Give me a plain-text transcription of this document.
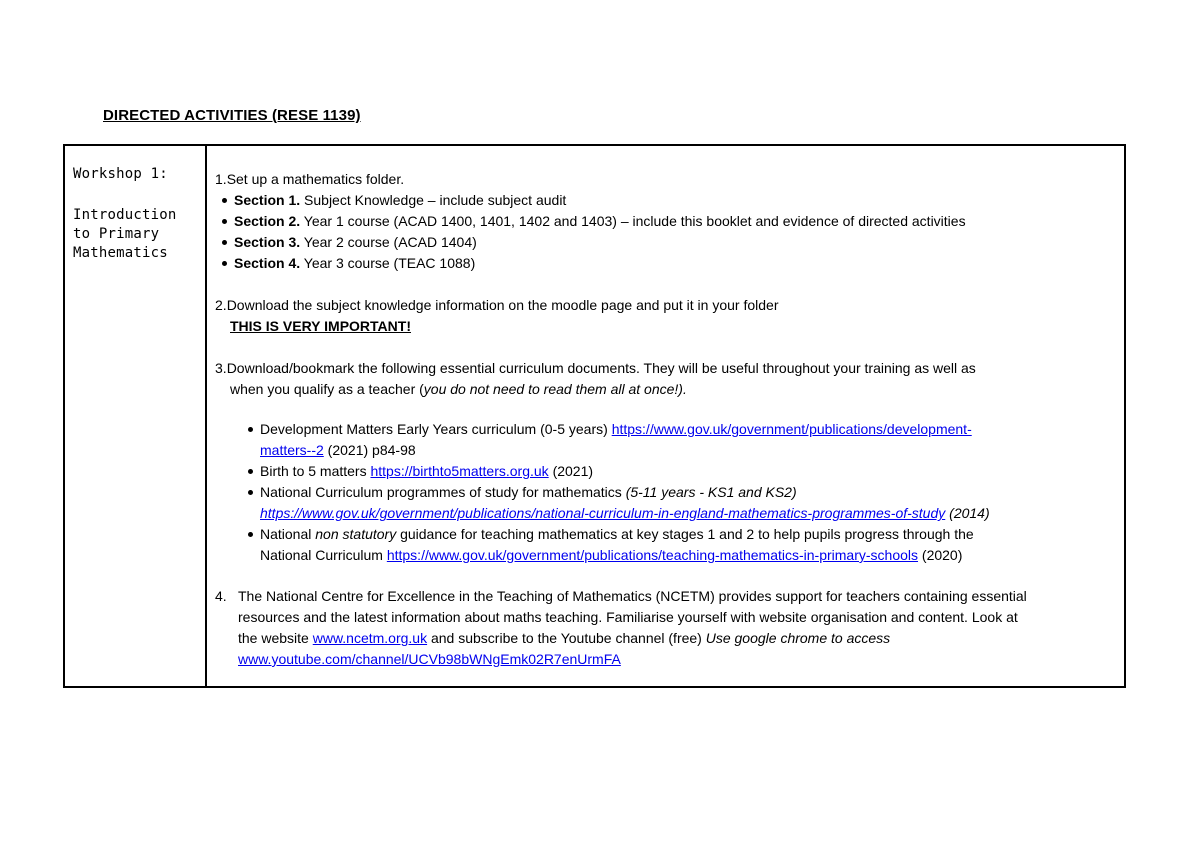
DIRECTED ACTIVITIES (RESE 1139)
Workshop 1:
Introduction
to Primary
Mathematics
1.Set up a mathematics folder.
Section 1. Subject Knowledge – include subject audit
Section 2. Year 1 course (ACAD 1400, 1401, 1402 and 1403) – include this booklet and evidence of directed activities
Section 3. Year 2 course (ACAD 1404)
Section 4. Year 3 course (TEAC 1088)
2.Download the subject knowledge information on the moodle page and put it in your folder
THIS IS VERY IMPORTANT!
3.Download/bookmark the following essential curriculum documents. They will be useful throughout your training as well as
when you qualify as a teacher (you do not need to read them all at once!).
Development Matters Early Years curriculum (0-5 years) https://www.gov.uk/government/publications/development-
matters--2 (2021) p84-98
Birth to 5 matters https://birthto5matters.org.uk (2021)
National Curriculum programmes of study for mathematics (5-11 years - KS1 and KS2)
https://www.gov.uk/government/publications/national-curriculum-in-england-mathematics-programmes-of-study (2014)
National non statutory guidance for teaching mathematics at key stages 1 and 2 to help pupils progress through the
National Curriculum https://www.gov.uk/government/publications/teaching-mathematics-in-primary-schools (2020)
4. The National Centre for Excellence in the Teaching of Mathematics (NCETM) provides support for teachers containing essential
resources and the latest information about maths teaching. Familiarise yourself with website organisation and content. Look at
the website www.ncetm.org.uk and subscribe to the Youtube channel (free) Use google chrome to access
www.youtube.com/channel/UCVb98bWNgEmk02R7enUrmFA
